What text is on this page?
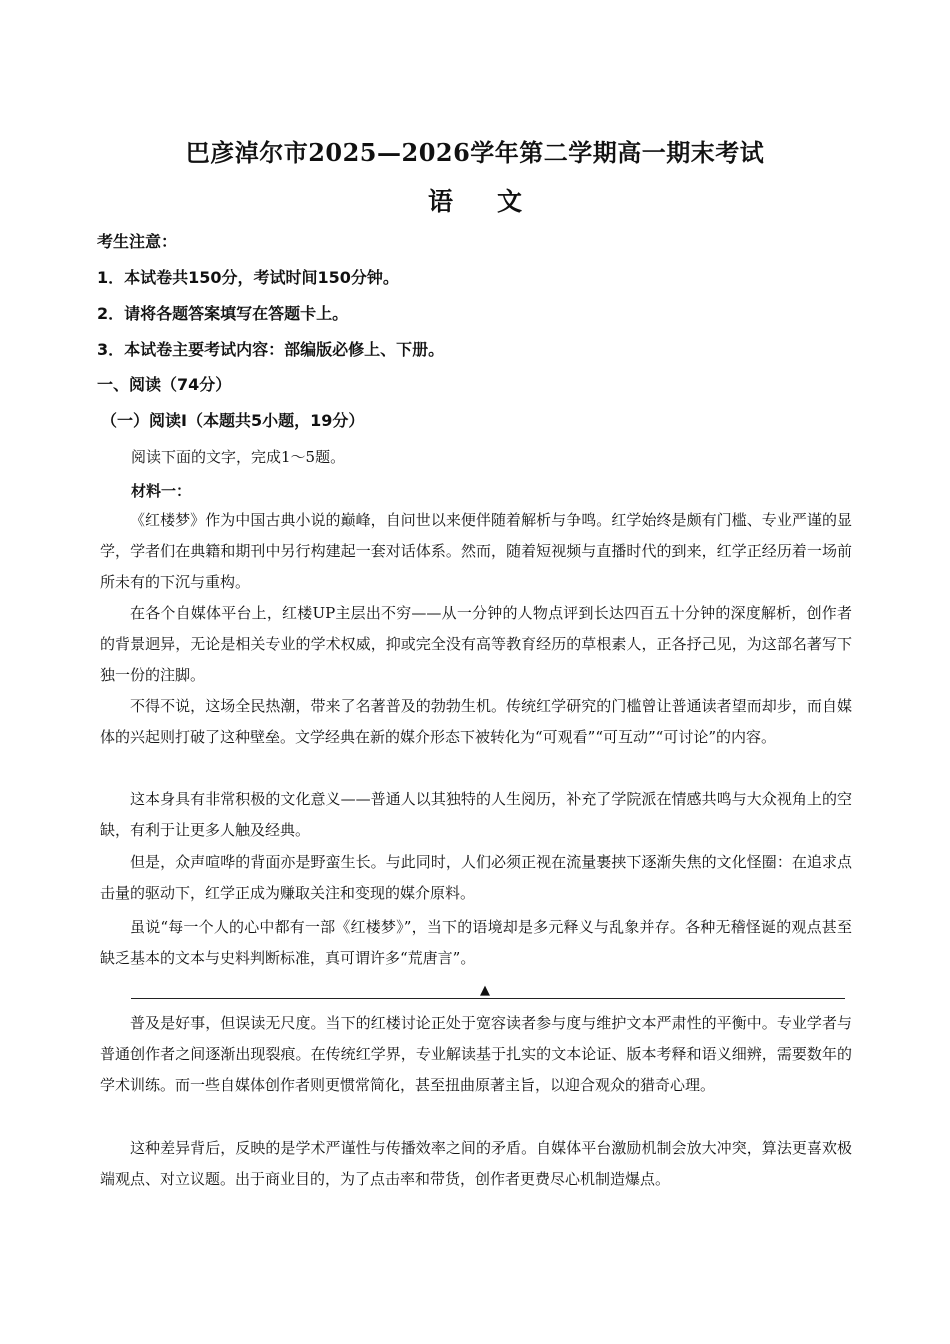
巴彦淖尔市2025—2026学年第二学期高一期末考试
语文
考生注意：
1．本试卷共150分，考试时间150分钟。
2．请将各题答案填写在答题卡上。
3．本试卷主要考试内容：部编版必修上、下册。
一、阅读（74分）
（一）阅读Ⅰ（本题共5小题，19分）
阅读下面的文字，完成1～5题。
材料一：

《红楼梦》作为中国古典小说的巅峰，自问世以来便伴随着解析与争鸣。红学始终是颇有门槛、专业严谨的显学，学者们在典籍和期刊中另行构建起一套对话体系。然而，随着短视频与直播时代的到来，红学正经历着一场前所未有的下沉与重构。

在各个自媒体平台上，红楼UP主层出不穷——从一分钟的人物点评到长达四百五十分钟的深度解析，创作者的背景迥异，无论是相关专业的学术权威，抑或完全没有高等教育经历的草根素人，正各抒己见，为这部名著写下独一份的注脚。

不得不说，这场全民热潮，带来了名著普及的勃勃生机。传统红学研究的门槛曾让普通读者望而却步，而自媒体的兴起则打破了这种壁垒。文学经典在新的媒介形态下被转化为“可观看”“可互动”“可讨论”的内容。

这本身具有非常积极的文化意义——普通人以其独特的人生阅历，补充了学院派在情感共鸣与大众视角上的空缺，有利于让更多人触及经典。

但是，众声喧哗的背面亦是野蛮生长。与此同时，人们必须正视在流量裹挟下逐渐失焦的文化怪圈：在追求点击量的驱动下，红学正成为赚取关注和变现的媒介原料。

虽说“每一个人的心中都有一部《红楼梦》”，当下的语境却是多元释义与乱象并存。各种无稽怪诞的观点甚至缺乏基本的文本与史料判断标准，真可谓许多“荒唐言”。

▲

普及是好事，但误读无尺度。当下的红楼讨论正处于宽容读者参与度与维护文本严肃性的平衡中。专业学者与普通创作者之间逐渐出现裂痕。在传统红学界，专业解读基于扎实的文本论证、版本考释和语义细辨，需要数年的学术训练。而一些自媒体创作者则更惯常简化，甚至扭曲原著主旨，以迎合观众的猎奇心理。

这种差异背后，反映的是学术严谨性与传播效率之间的矛盾。自媒体平台激励机制会放大冲突，算法更喜欢极端观点、对立议题。出于商业目的，为了点击率和带货，创作者更费尽心机制造爆点。
